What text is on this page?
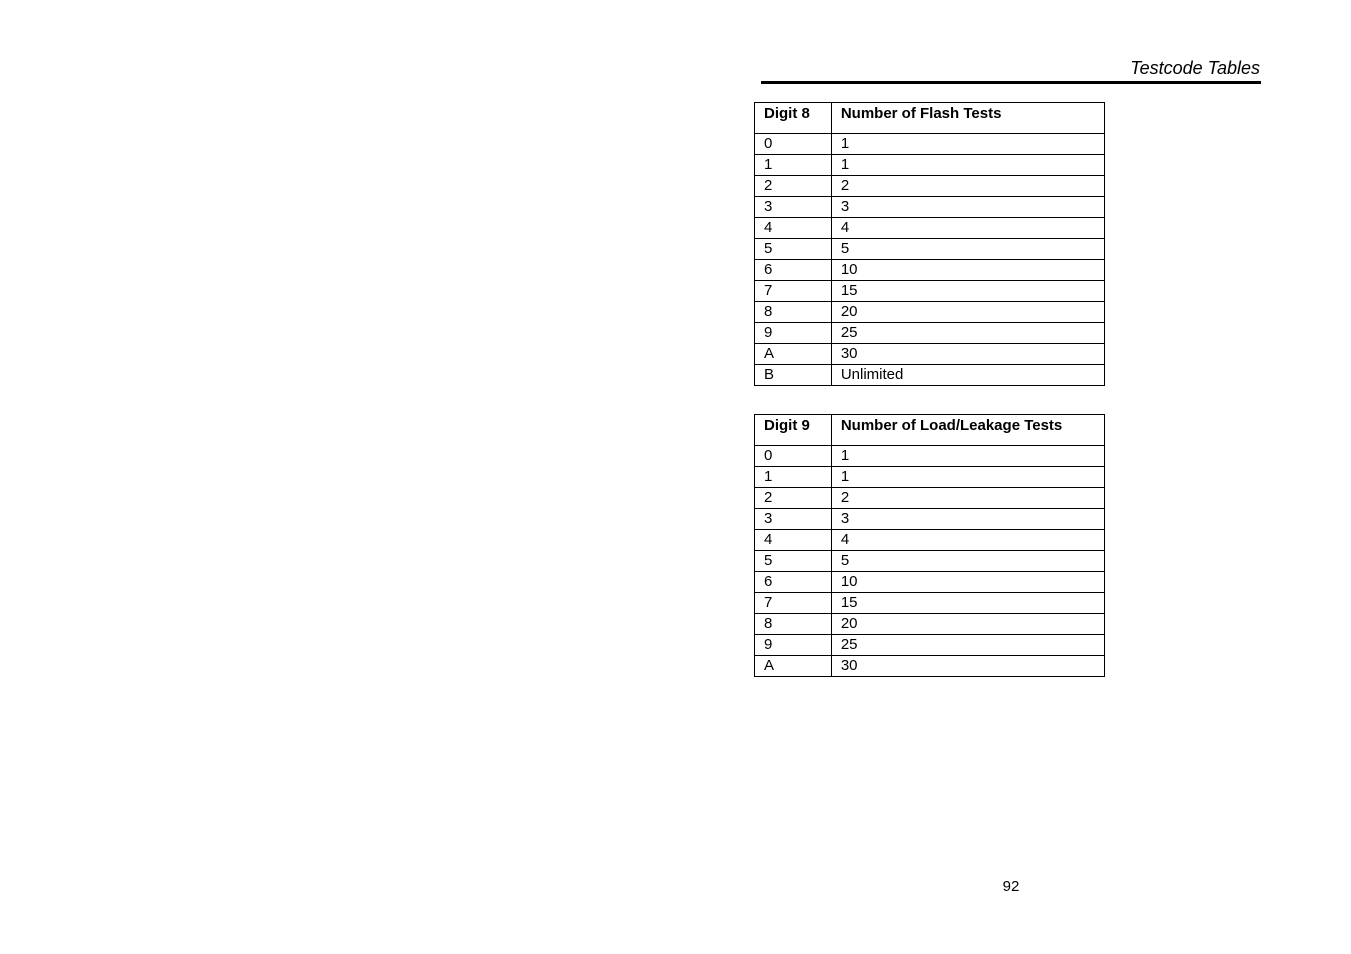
Testcode Tables
Digit 8	Number of Flash Tests
0	1
1	1
2	2
3	3
4	4
5	5
6	10
7	15
8	20
9	25
A	30
B	Unlimited
Digit 9	Number of Load/Leakage Tests
0	1
1	1
2	2
3	3
4	4
5	5
6	10
7	15
8	20
9	25
A	30
92
